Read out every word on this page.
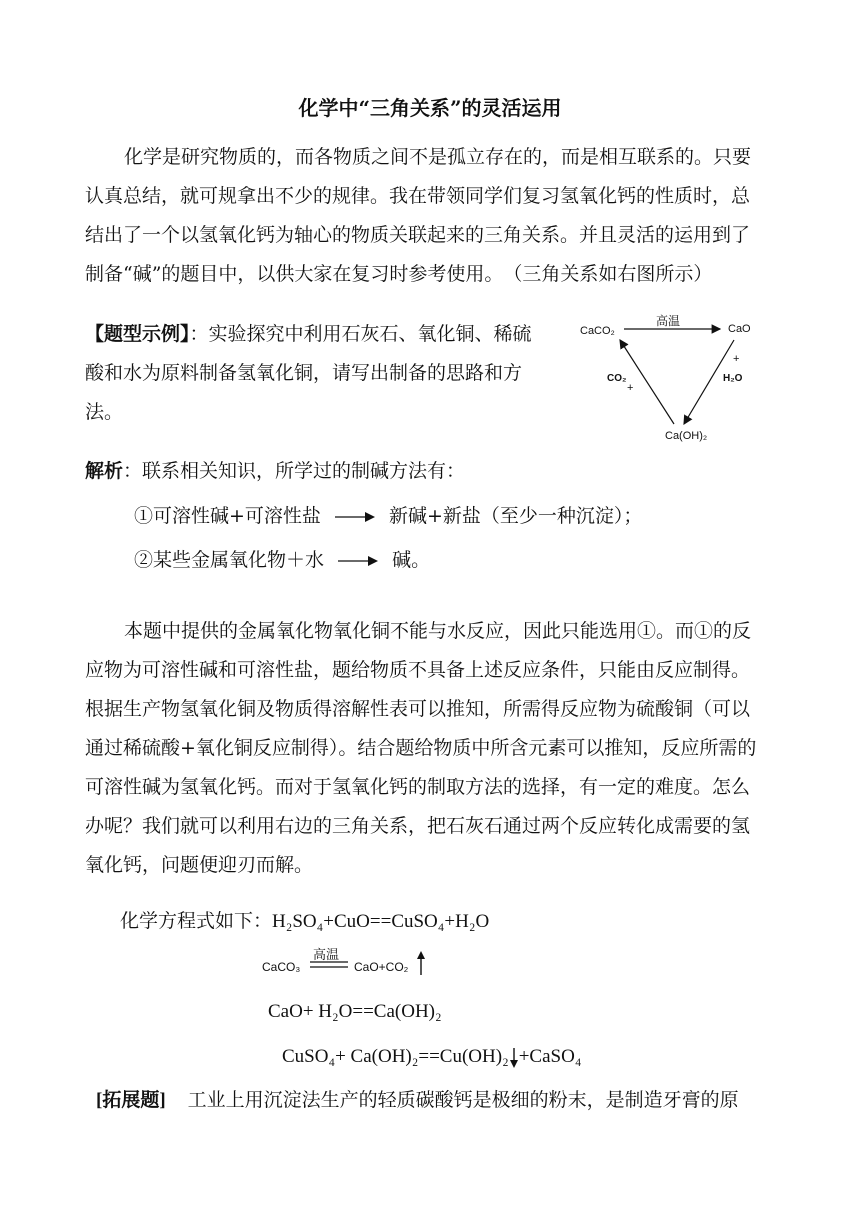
化学中“三角关系”的灵活运用
化学是研究物质的，而各物质之间不是孤立存在的，而是相互联系的。只要
认真总结，就可规拿出不少的规律。我在带领同学们复习氢氧化钙的性质时，总
结出了一个以氢氧化钙为轴心的物质关联起来的三角关系。并且灵活的运用到了
制备“碱”的题目中，以供大家在复习时参考使用。　（三角关系如右图所示）
【题型示例】：实验探究中利用石灰石、氧化铜、稀硫
酸和水为原料制备氢氧化铜，请写出制备的思路和方
法。
CaCO₂	CaO
Ca(OH)₂
高温
CO₂
+
+
H₂O
解析：联系相关知识，所学过的制碱方法有：
①可溶性碱+可溶性盐	新碱+新盐（至少一种沉淀）；
②某些金属氧化物＋水	碱。
本题中提供的金属氧化物氧化铜不能与水反应，因此只能选用①。而①的反
应物为可溶性碱和可溶性盐，题给物质不具备上述反应条件，只能由反应制得。
根据生产物氢氧化铜及物质得溶解性表可以推知，所需得反应物为硫酸铜（可以
通过稀硫酸+氧化铜反应制得）。结合题给物质中所含元素可以推知，反应所需的
可溶性碱为氢氧化钙。而对于氢氧化钙的制取方法的选择，有一定的难度。怎么
办呢？我们就可以利用右边的三角关系，把石灰石通过两个反应转化成需要的氢
氧化钙，问题便迎刃而解。
化学方程式如下：H₂SO₄+CuO==CuSO₄+H₂O
CaCO₃
高温
CaO+CO₂
CaO+ H₂O==Ca(OH)₂
CuSO₄+ Ca(OH)₂==Cu(OH)₂ +CaSO₄
[拓展题] 工业上用沉淀法生产的轻质碳酸钙是极细的粉末，是制造牙膏的原
